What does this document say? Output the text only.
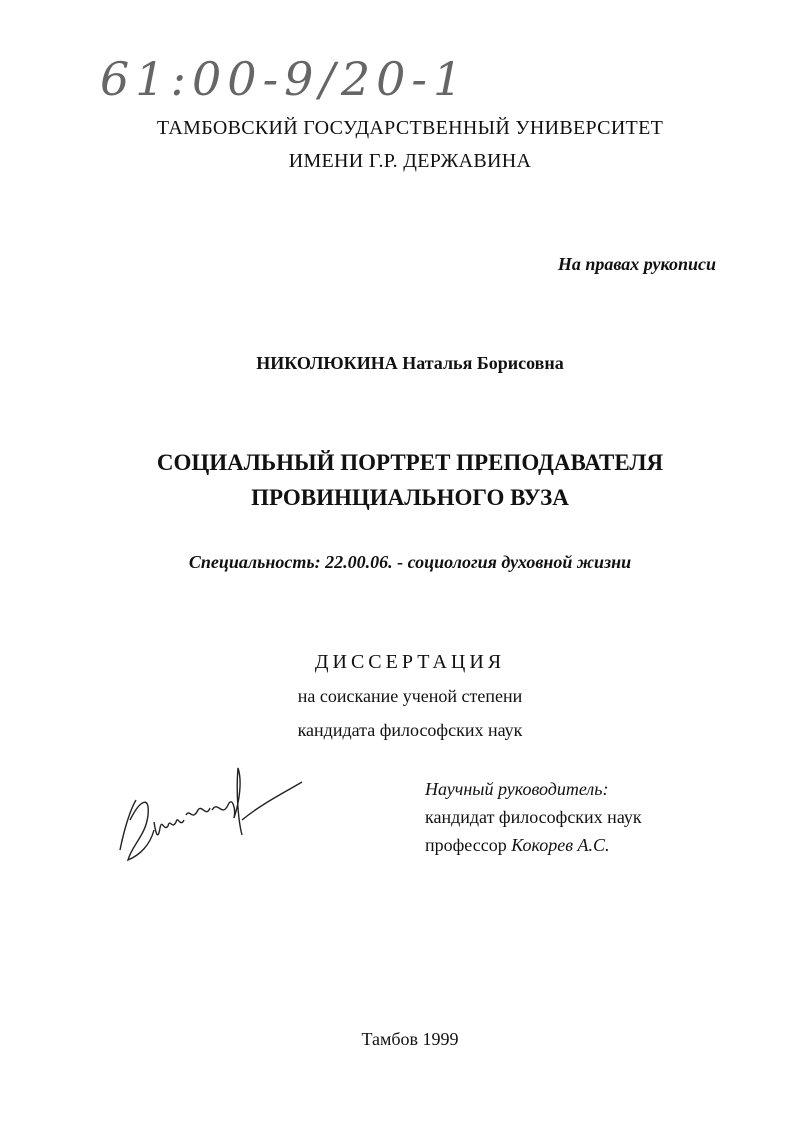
61:00-9/20-1
ТАМБОВСКИЙ ГОСУДАРСТВЕННЫЙ УНИВЕРСИТЕТ
ИМЕНИ Г.Р. ДЕРЖАВИНА
На правах рукописи
НИКОЛЮКИНА Наталья Борисовна
СОЦИАЛЬНЫЙ ПОРТРЕТ ПРЕПОДАВАТЕЛЯ
ПРОВИНЦИАЛЬНОГО ВУЗА
Специальность: 22.00.06. - социология духовной жизни
ДИССЕРТАЦИЯ
на соискание ученой степени
кандидата философских наук
Научный руководитель:
кандидат философских наук
профессор Кокорев А.С.
Тамбов 1999
